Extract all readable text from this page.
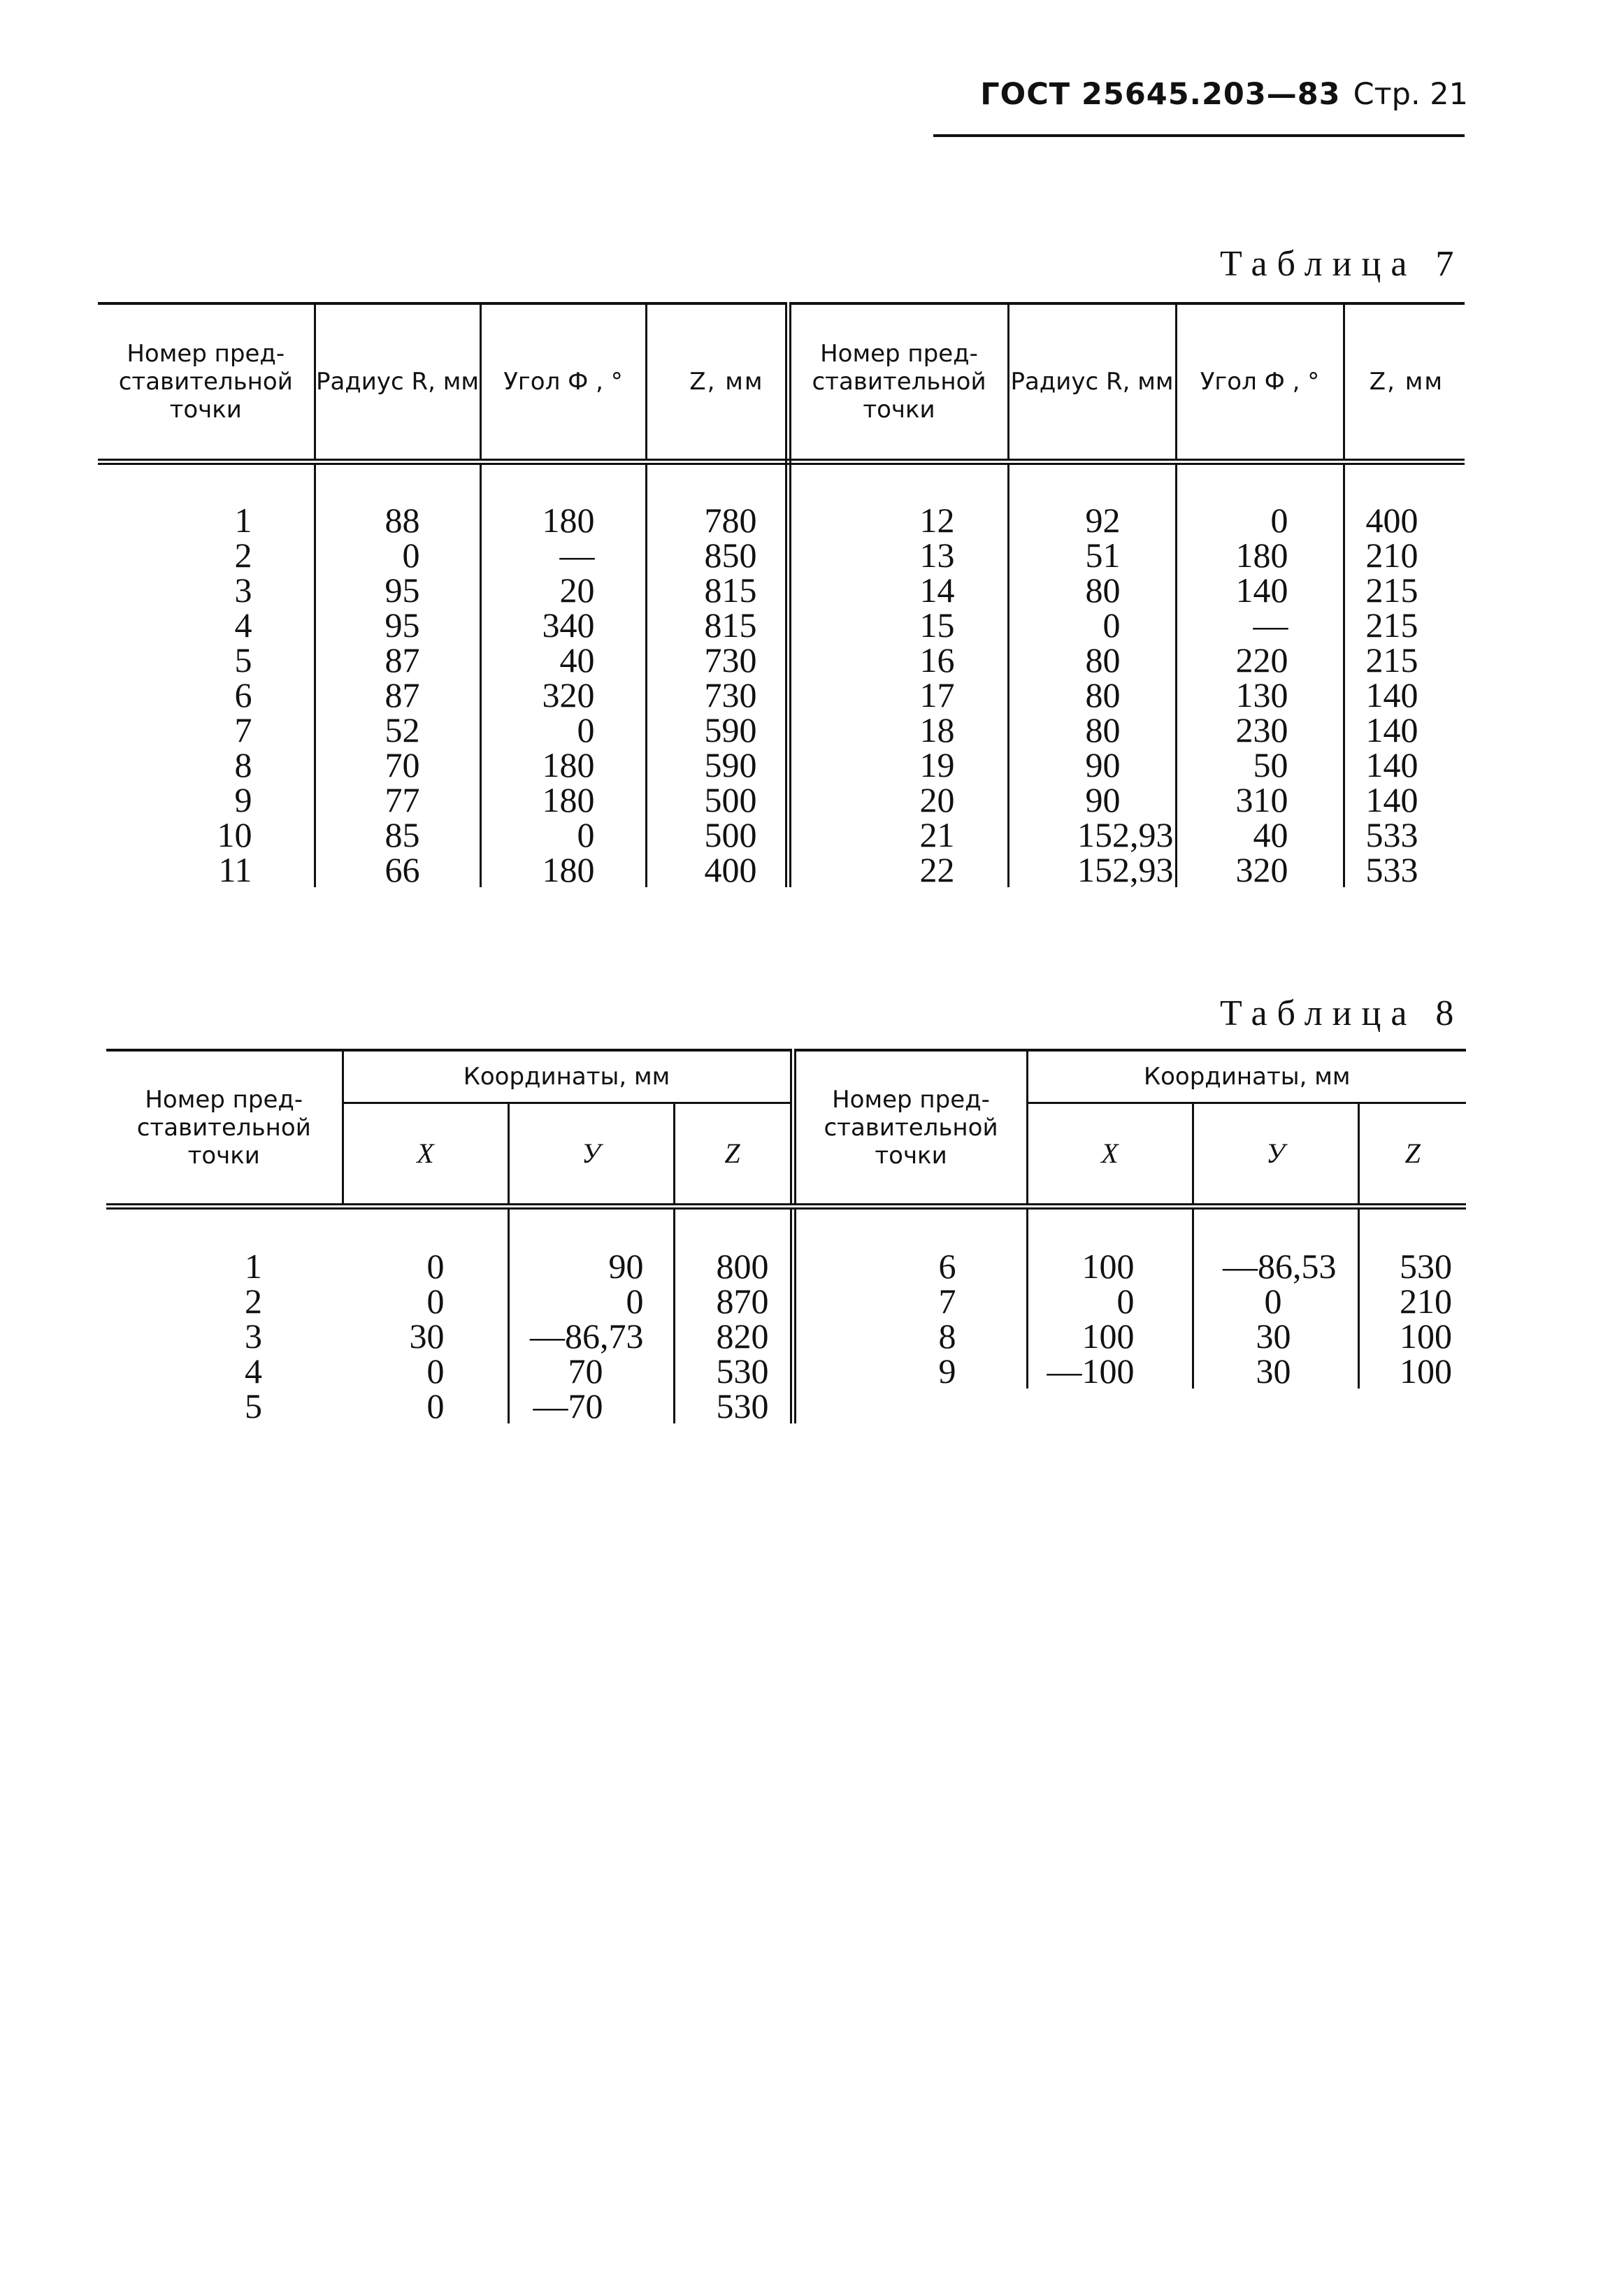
ГОСТ 25645.203—83 Стр. 21
Таблица 7
Номер пред-ставительной точки	Радиус R, мм	Угол Ф , °	Z, мм	Номер пред-ставительной точки	Радиус R, мм	Угол Ф , °	Z, мм
1	88	180	780	12	92	0	400
2	0	—	850	13	51	180	210
3	95	20	815	14	80	140	215
4	95	340	815	15	0	—	215
5	87	40	730	16	80	220	215
6	87	320	730	17	80	130	140
7	52	0	590	18	80	230	140
8	70	180	590	19	90	50	140
9	77	180	500	20	90	310	140
10	85	0	500	21	152,93	40	533
11	66	180	400	22	152,93	320	533
Таблица 8
Номер пред-ставительной точки	Координаты, мм			Номер пред-ставительной точки	Координаты, мм		
	X	У	Z		X	У	Z
1	0	90	800	6	100	—86,53	530
2	0	0	870	7	0	0	210
3	30	—86,73	820	8	100	30	100
4	0	70	530	9	—100	30	100
5	0	—70	530				
